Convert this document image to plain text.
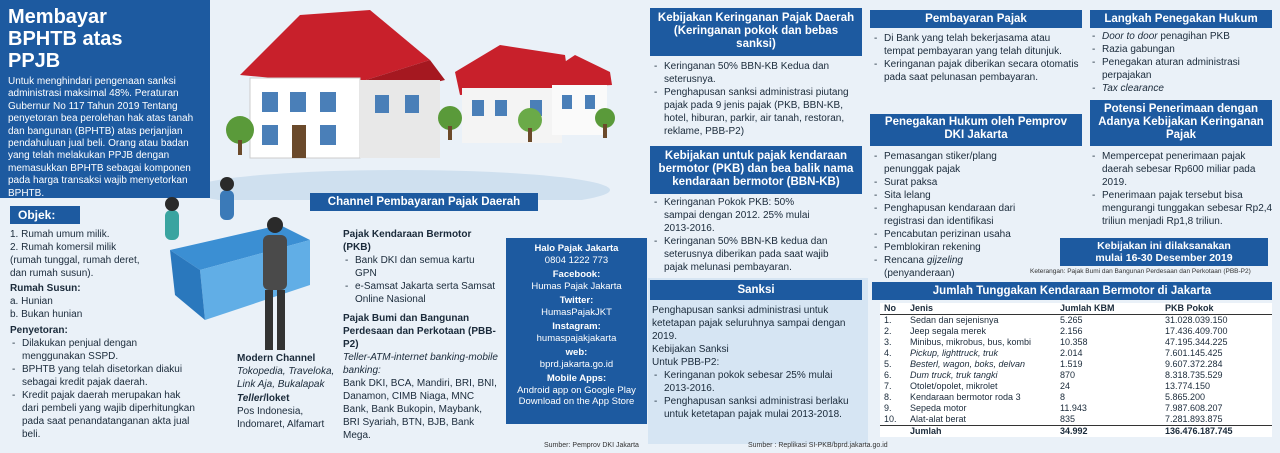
Membayar BPHTB atas PPJB
Untuk menghindari pengenaan sanksi administrasi maksimal 48%. Peraturan Gubernur No 117 Tahun 2019 Tentang penyetoran bea perolehan hak atas tanah dan bangunan (BPHTB) atas perjanjian pendahuluan jual beli. Orang atau badan yang telah melakukan PPJB dengan memasukkan BPHTB sebagai komponen pada harga transaksi wajib menyetorkan BPHTB.
Objek:
1. Rumah umum milik.
2. Rumah komersil milik (rumah tunggal, rumah deret, dan rumah susun).
Rumah Susun:
a. Hunian
b. Bukan hunian
Penyetoran:
- Dilakukan penjual dengan menggunakan SSPD.
- BPHTB yang telah disetorkan diakui sebagai kredit pajak daerah.
- Kredit pajak daerah merupakan hak dari pembeli yang wajib diperhitungkan pada saat penandatanganan akta jual beli.
Channel Pembayaran Pajak Daerah
Pajak Kendaraan Bermotor (PKB)
- Bank DKI dan semua kartu GPN
- e-Samsat Jakarta serta Samsat Online Nasional
Pajak Bumi dan Bangunan Perdesaan dan Perkotaan (PBB-P2)
Teller-ATM-internet banking-mobile banking:
Bank DKI, BCA, Mandiri, BRI, BNI, Danamon, CIMB Niaga, MNC Bank, Bank Bukopin, Maybank, BRI Syariah, BTN, BJB, Bank Mega.
Modern Channel
Tokopedia, Traveloka, Link Aja, Bukalapak
Teller/loket
Pos Indonesia, Indomaret, Alfamart
Halo Pajak Jakarta
0804 1222 773
Facebook:
Humas Pajak Jakarta
Twitter:
HumasPajakJKT
Instagram:
humaspajakjakarta
web:
bprd.jakarta.go.id
Mobile Apps:
Android app on Google Play Download on the App Store
Sumber: Pemprov DKI Jakarta
Kebijakan Keringanan Pajak Daerah (Keringanan pokok dan bebas sanksi)
- Keringanan 50% BBN-KB Kedua dan seterusnya.
- Penghapusan sanksi administrasi piutang pajak pada 9 jenis pajak (PKB, BBN-KB, hotel, hiburan, parkir, air tanah, restoran, reklame, PBB-P2)
Kebijakan untuk pajak kendaraan bermotor (PKB) dan bea balik nama kendaraan bermotor (BBN-KB)
- Keringanan Pokok PKB: 50% sampai dengan 2012. 25% mulai 2013-2016.
- Keringanan 50% BBN-KB kedua dan seterusnya diberikan pada saat wajib pajak melunasi pembayaran.
Sanksi
Penghapusan sanksi administrasi untuk ketetapan pajak seluruhnya sampai dengan 2019.
Kebijakan Sanksi
Untuk PBB-P2:
- Keringanan pokok sebesar 25% mulai 2013-2016.
- Penghapusan sanksi administrasi berlaku untuk ketetapan pajak mulai 2013-2018.
Sumber : Replikasi SI-PKB/bprd.jakarta.go.id
Pembayaran Pajak
- Di Bank yang telah bekerjasama atau tempat pembayaran yang telah ditunjuk.
- Keringanan pajak diberikan secara otomatis pada saat pelunasan pembayaran.
Penegakan Hukum oleh Pemprov DKI Jakarta
- Pemasangan stiker/plang penunggak pajak
- Surat paksa
- Sita lelang
- Penghapusan kendaraan dari registrasi dan identifikasi
- Pencabutan perizinan usaha
- Pemblokiran rekening
- Rencana gijzeling (penyanderaan)
Langkah Penegakan Hukum
- Door to door penagihan PKB
- Razia gabungan
- Penegakan aturan administrasi perpajakan
- Tax clearance
Potensi Penerimaan dengan Adanya Kebijakan Keringanan Pajak
- Mempercepat penerimaan pajak daerah sebesar Rp600 miliar pada 2019.
- Penerimaan pajak tersebut bisa mengurangi tunggakan sebesar Rp2,4 triliun menjadi Rp1,8 triliun.
Kebijakan ini dilaksanakan mulai 16-30 Desember 2019
Keterangan: Pajak Bumi dan Bangunan Perdesaan dan Perkotaan (PBB-P2)
Jumlah Tunggakan Kendaraan Bermotor di Jakarta
No	Jenis	Jumlah KBM	PKB Pokok
1.	Sedan dan sejenisnya	5.265	31.028.039.150
2.	Jeep segala merek	2.156	17.436.409.700
3.	Minibus, mikrobus, bus, kombi	10.358	47.195.344.225
4.	Pickup, lighttruck, truk	2.014	7.601.145.425
5.	Besterl, wagon, boks, delvan	1.519	9.607.372.284
6.	Dum truck, truk tangki	870	8.318.735.529
7.	Otolet/opolet, mikrolet	24	13.774.150
8.	Kendaraan bermotor roda 3	8	5.865.200
9.	Sepeda motor	11.943	7.987.608.207
10.	Alat-alat berat	835	7.281.893.875
	Jumlah	34.992	136.476.187.745
